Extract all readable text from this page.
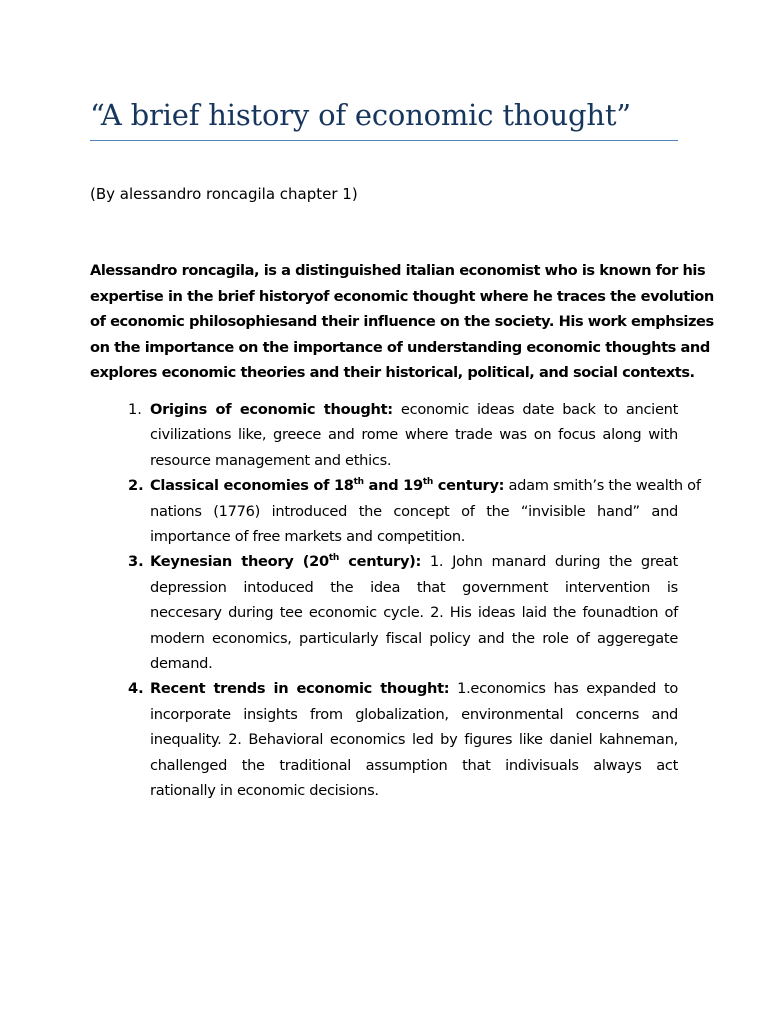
“A brief history of economic thought”

(By alessandro roncagila chapter 1)

Alessandro roncagila, is a distinguished italian economist who is known for his
expertise in the brief historyof economic thought where he traces the evolution
of economic philosophiesand their influence on the society. His work emphsizes
on the importance on the importance of understanding economic thoughts and
explores economic theories and their historical, political, and social contexts.

1. Origins of economic thought: economic ideas date back to ancient
civilizations like, greece and rome where trade was on focus along with
resource management and ethics.
2. Classical economies of 18th and 19th century: adam smith’s the wealth of
nations (1776) introduced the concept of the “invisible hand” and
importance of free markets and competition.
3. Keynesian theory (20th century): 1. John manard during the great
depression intoduced the idea that government intervention is
neccesary during tee economic cycle. 2. His ideas laid the founadtion of
modern economics, particularly fiscal policy and the role of aggeregate
demand.
4. Recent trends in economic thought: 1.economics has expanded to
incorporate insights from globalization, environmental concerns and
inequality. 2. Behavioral economics led by figures like daniel kahneman,
challenged the traditional assumption that indivisuals always act
rationally in economic decisions.
